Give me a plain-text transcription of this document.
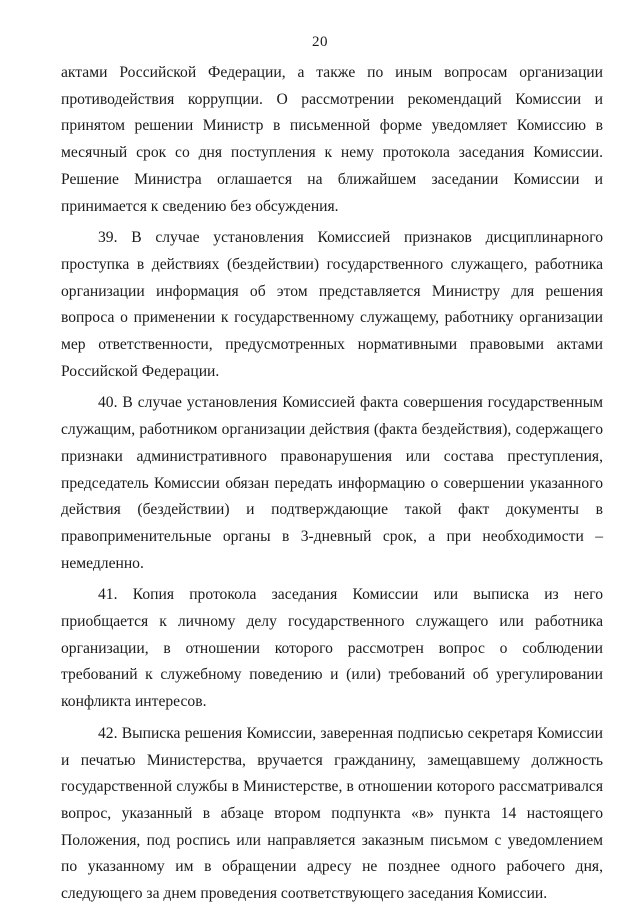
20

актами Российской Федерации, а также по иным вопросам организации противодействия коррупции. О рассмотрении рекомендаций Комиссии и принятом решении Министр в письменной форме уведомляет Комиссию в месячный срок со дня поступления к нему протокола заседания Комиссии. Решение Министра оглашается на ближайшем заседании Комиссии и принимается к сведению без обсуждения.

39. В случае установления Комиссией признаков дисциплинарного проступка в действиях (бездействии) государственного служащего, работника организации информация об этом представляется Министру для решения вопроса о применении к государственному служащему, работнику организации мер ответственности, предусмотренных нормативными правовыми актами Российской Федерации.

40. В случае установления Комиссией факта совершения государственным служащим, работником организации действия (факта бездействия), содержащего признаки административного правонарушения или состава преступления, председатель Комиссии обязан передать информацию о совершении указанного действия (бездействии) и подтверждающие такой факт документы в правоприменительные органы в 3-дневный срок, а при необходимости – немедленно.

41. Копия протокола заседания Комиссии или выписка из него приобщается к личному делу государственного служащего или работника организации, в отношении которого рассмотрен вопрос о соблюдении требований к служебному поведению и (или) требований об урегулировании конфликта интересов.

42. Выписка решения Комиссии, заверенная подписью секретаря Комиссии и печатью Министерства, вручается гражданину, замещавшему должность государственной службы в Министерстве, в отношении которого рассматривался вопрос, указанный в абзаце втором подпункта «в» пункта 14 настоящего Положения, под роспись или направляется заказным письмом с уведомлением по указанному им в обращении адресу не позднее одного рабочего дня, следующего за днем проведения соответствующего заседания Комиссии.
